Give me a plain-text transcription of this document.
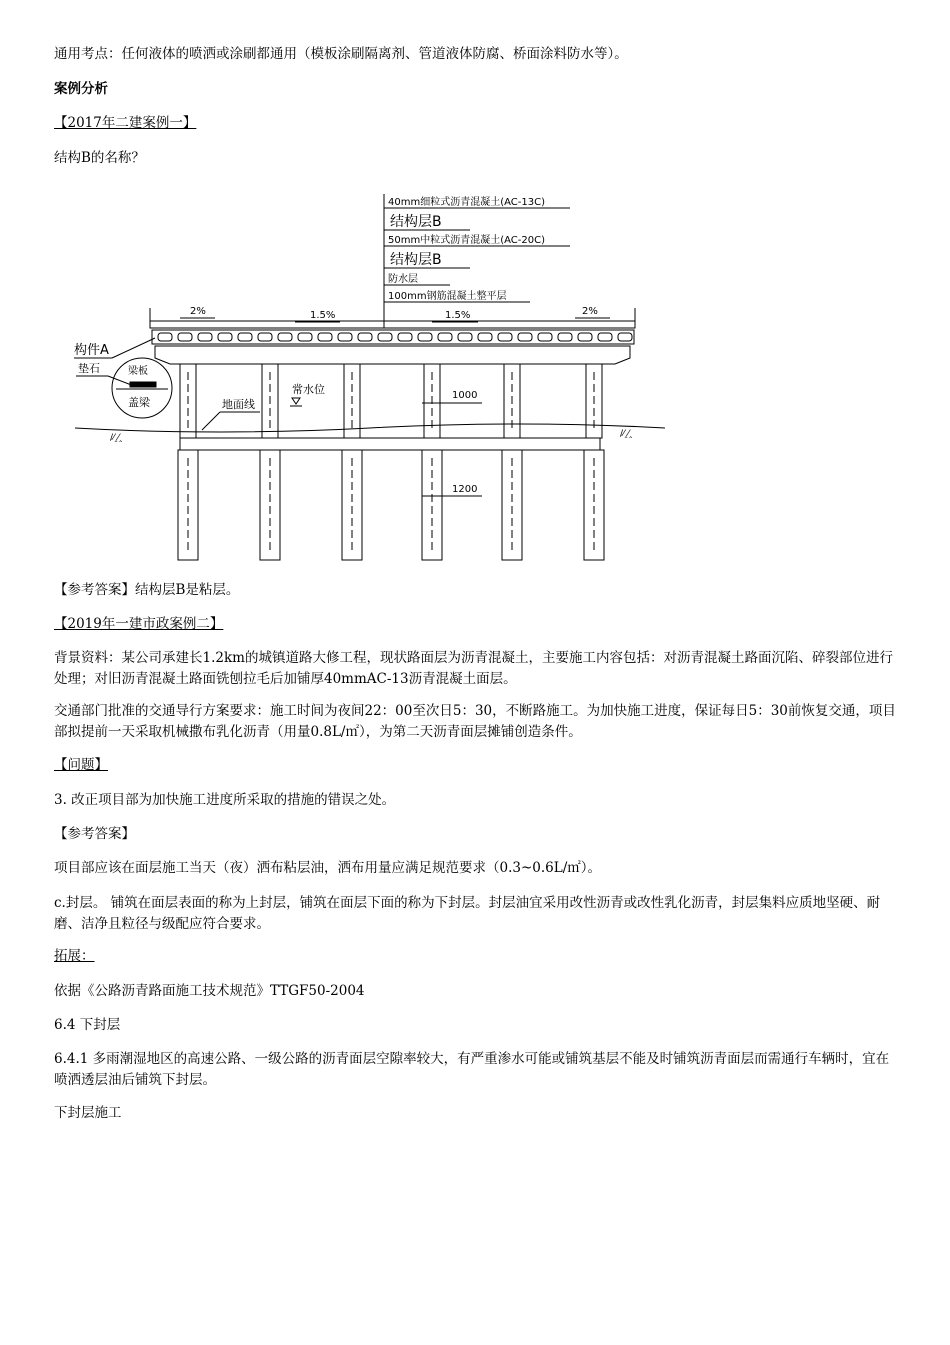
通用考点：任何液体的喷洒或涂刷都通用（模板涂刷隔离剂、管道液体防腐、桥面涂料防水等）。

案例分析

【2017年二建案例一】

结构B的名称？

40mm细粒式沥青混凝土(AC-13C)
结构层B
50mm中粒式沥青混凝土(AC-20C)
结构层B
防水层
100mm钢筋混凝土整平层
2%	1.5%	1.5%	2%
/⁄‸⁄‸	/⁄‸⁄‸
构件A
垫石	梁板
盖梁	地面线
常水位	1000
1200

【参考答案】结构层B是粘层。

【2019年一建市政案例二】

背景资料：某公司承建长1.2km的城镇道路大修工程，现状路面层为沥青混凝土，主要施工内容包括：对沥青混凝土路面沉陷、碎裂部位进行处理；对旧沥青混凝土路面铣刨拉毛后加铺厚40mmAC-13沥青混凝土面层。

交通部门批准的交通导行方案要求：施工时间为夜间22：00至次日5：30，不断路施工。为加快施工进度，保证每日5：30前恢复交通，项目部拟提前一天采取机械撒布乳化沥青（用量0.8L/㎡），为第二天沥青面层摊铺创造条件。

【问题】

3. 改正项目部为加快施工进度所采取的措施的错误之处。

【参考答案】

项目部应该在面层施工当天（夜）洒布粘层油，洒布用量应满足规范要求（0.3~0.6L/㎡）。

c.封层。 铺筑在面层表面的称为上封层，铺筑在面层下面的称为下封层。封层油宜采用改性沥青或改性乳化沥青，封层集料应质地坚硬、耐磨、洁净且粒径与级配应符合要求。

拓展：

依据《公路沥青路面施工技术规范》TTGF50-2004

6.4 下封层

6.4.1 多雨潮湿地区的高速公路、一级公路的沥青面层空隙率较大，有严重渗水可能或铺筑基层不能及时铺筑沥青面层而需通行车辆时，宜在喷洒透层油后铺筑下封层。

下封层施工
